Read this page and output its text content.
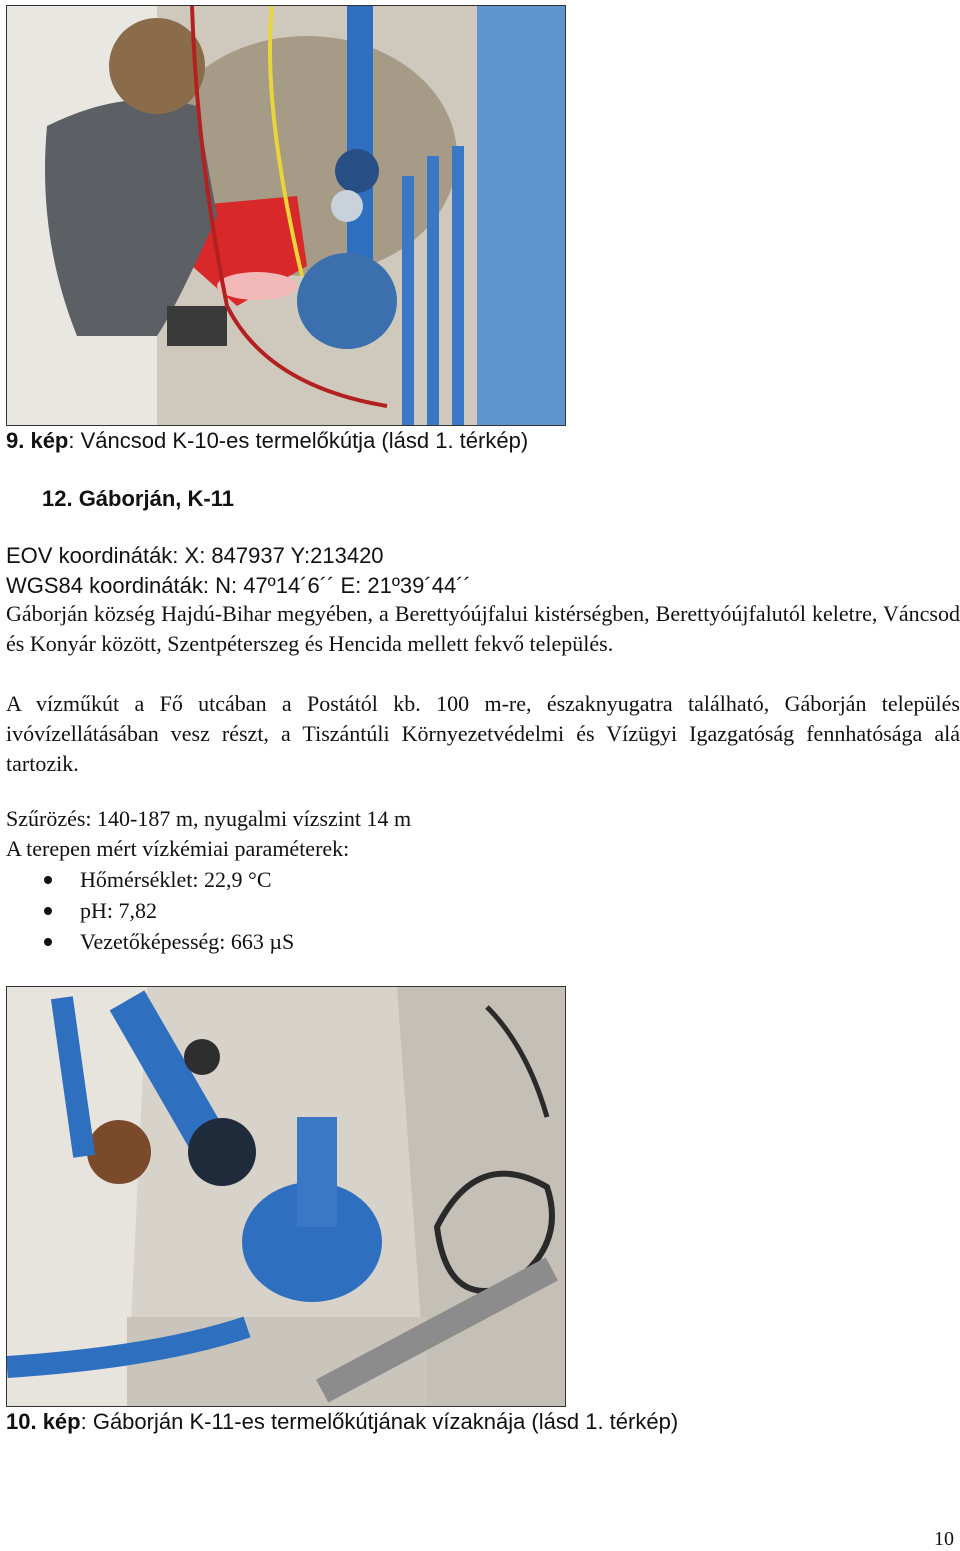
9. kép: Váncsod K-10-es termelőkútja (lásd 1. térkép)
12. Gáborján, K-11
EOV koordináták: X: 847937 Y:213420
WGS84 koordináták: N: 47º14´6´´ E: 21º39´44´´
Gáborján község Hajdú-Bihar megyében, a Berettyóújfalui kistérségben, Berettyóújfalutól keletre, Váncsod és Konyár között, Szentpéterszeg és Hencida mellett fekvő település.
A vízműkút a Fő utcában a Postától kb. 100 m-re, északnyugatra található, Gáborján település ivóvízellátásában vesz részt, a Tiszántúli Környezetvédelmi és Vízügyi Igazgatóság fennhatósága alá tartozik.
Szűrözés: 140-187 m, nyugalmi vízszint 14 m
A terepen mért vízkémiai paraméterek:
Hőmérséklet: 22,9 °C
pH: 7,82
Vezetőképesség: 663 µS
10. kép: Gáborján K-11-es termelőkútjának vízaknája (lásd 1. térkép)
10
